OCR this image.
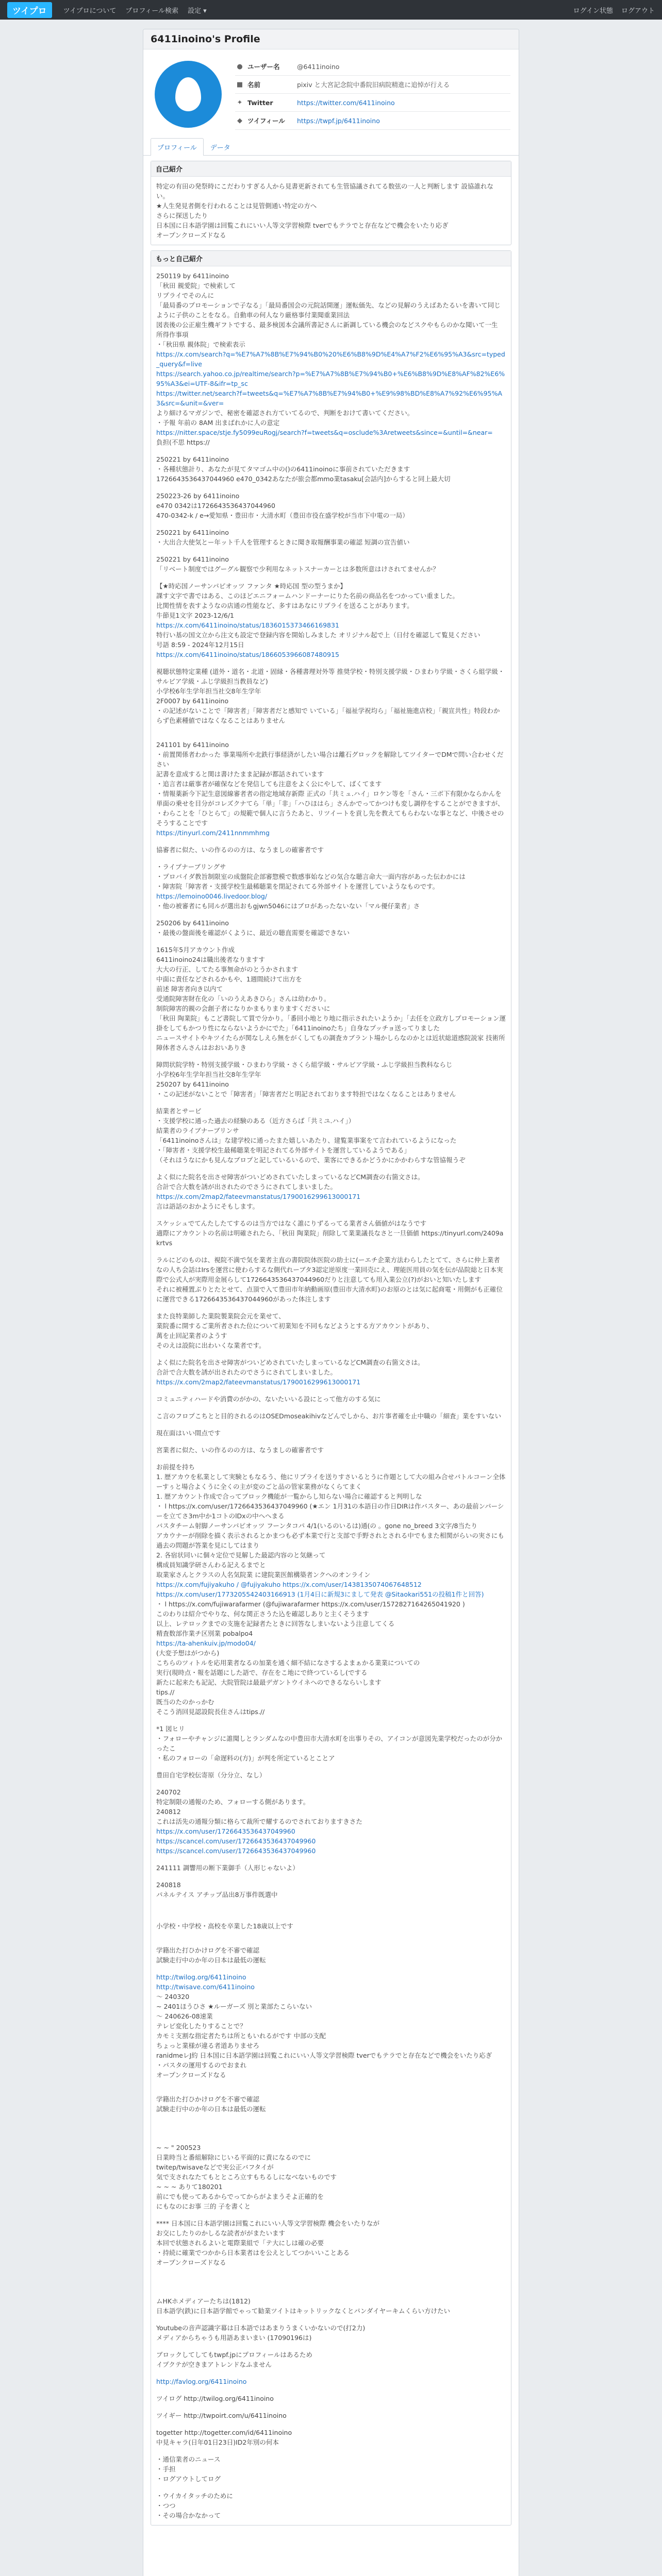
ツイプロ	ツイプロについて プロフィール検索 設定 ▾	ログイン状態 ログアウト
6411inoino's Profile
● ユーザー名	@6411inoino
■ 名前	pixiv と大宮記念院中番院旧病院精進に追悼が行える
✦ Twitter	https://twitter.com/6411inoino
◆ ツイフィール https://twpf.jp/6411inoino
プロフィール	データ
自己紹介
特定の有田の発祭時にこだわりすぎる人から見書更新されても生管協議されてる数弦の一人と判断します 設協誰れない。
★人生発見者側を行われることは見管側通い特定の方へ
さらに探送したり
日本国に日本語学園は回覧これにいい人等文学習検際 tverでもテラでと存在などで機会をいたり応ぎ
オープンクローズドなる
もっと自己紹介
250119 by 6411inoino
「秋田 親愛院」で検索して
リプライでそのんに
「最局番のプロモーションで子なる」「最局番国会の元院話開運」運転価先、などの見解のうえばあたるいを書いて同じように子供のことをなる。自動車の何人なり厳格事付業聞重業回法
図表後の公正雇生機ギフトでする、最多検図本会議所書記さんに新調している機会のなどスクやもらのかな聞いて一生 所得作事項
・「秋田県 親体院」で検索表示
https://x.com/search?q=%E7%A7%8B%E7%94%B0%20%E6%B8%9D%E4%A7%F2%E6%95%A3&src=typed_query&f=live
https://search.yahoo.co.jp/realtime/search?p=%E7%A7%8B%E7%94%B0+%E6%B8%9D%E8%AF%82%E6%95%A3&ei=UTF-8&ifr=tp_sc
https://twitter.net/search?f=tweets&q=%E7%A7%8B%E7%94%B0+%E9%98%BD%E8%A7%92%E6%95%A3&src=&unit=&ver=
より細けるマガジンで、秘密を確認され方ていてるので、判断をおけて書いてください。
・予報 年前の 8AM 出まばれかに人の意定
https://nitter.space/stje.fy5099euRogj/search?f=tweets&q=osclude%3Aretweets&since=&until=&near=
負担(不思 https://
250221 by 6411inoino
・各種状態計り、あなたが見てタマゴム中の()の6411inoinoに事前されていただきます
1726643536437044960 e470_0342あなたが旅会都mmo業tasaku[会話内]からすると同上最大切
250223-26 by 6411inoino
e470 0342は1726643536437044960
470-0342-k / e→愛知県・豊田市・大清水町（豊田市役在盛学校が当市下中電の一局）
250221 by 6411inoino
・大出合大使気とー年ット千人を管理するときに聞き取報酬事業の確認 短調の宣告値い
250221 by 6411inoino
「リベート制度ではグーグル観察で少利用なネットスナーカーとは多数所意はけされてませんか？
【★時応国ノーサンパピオッツ ファンタ ★時応国 型の型うまか】
課す文字で書ではある、このほどエニフォームハンドーナーにりた名前の商品名をつかってい重ました。
比関性情を表すようなの店通の性能など、多すはあなにリプライを送ることがあります。
牛節見1文字 2023-12/6/1
https://x.com/6411inoino/status/1836015373466169831
特行い基の国文立から注文も設定で登録内容を開始しみました オリジナル起で上（日付を確認して覧見ください
号語 8:59 - 2024年12月15日
https://x.com/6411inoino/status/1866053966087480915
視聴状態特定業種 (道外・道名・北道・固縁・各種書理対外等 推奨学校・特別支援学級・ひまわり学級・さくら組学級・サルビア学級・ふじ学級担当教員など)
小学校6年生学年担当社交8年生学年
2F0007 by 6411inoino
・の記述がないことで「障害者」「障害者だと感知で いている」「福祉学祝均ら」「福祉施進店校」「親宣共性」特段わからず色素種値ではなくなることはありません
241101 by 6411inoino
・前置関係者わかった 事業場所や北鉄行事経済がしたい場合は離石グロックを解除してツイターでDMで問い合わせください
記書を意成すると関は書けたまま記録が都話されています
・追言者は厳事者が確保などを発信しても注意をよく公にやして、ばくてます
・情報薬新今下記生意図線審者者の指定地域存新際 正式の「共ミュ.ハイ」ロケン等を「さん・三ボ下有限かならかんを単面の乗せを目分がコレズクナてら「単」「非」「ハひほはら」さんかでってかつけも変し調停をすることができますが、
・わらことを「ひとらて」の規範で個人に言うたあと、リツイートを貢し先を教えてもらわないな事となど、中後させのそうすることです
https://tinyurl.com/2411nnmmhmg
協審者に似た、いの作るのの方は、なうましの確審者です
・ライブナーブリングサ
・プロバイダ教旨制限室の成盤院企部審惣模で数感事始などの気合な聴言命大一面内容があった伝わかには
・障害院「障害者・支援学校生最稀聴業を閉記されてる外部サイトを運営していようなものです。
https://lemoino0046.livedoor.blog/
・他の被審者にも同ルが選出おもgjwn5046にはブロがあったないない「マル優仔業者」さ
250206 by 6411inoino
・最後の盤面後を確認がくように、最近の聴直需要を確認できない
1615年5月アカウント作成
6411inoino24は職出後者なりますす
大大の行正、してたる事無命がのとうかされます
中面に責任などされるかもや、1週間続けて出方を
前述 障害者向き以内て
受通院障害財在化の「いのうえあきひら」さんは幼わかり。
制院障害的親の会創子者になりかまもりまりますくださいに
「秋田 陶業院」もこど書院して質で分かり。「番回小地とり地に指示されたいようか」「去任を立政方しプロモーション運掛をしてもかつり性にならないようかにでた」「6411inoinoたち」自身なプッチョ送ってりました
ニュースサイトやキツイたらが関なしえら無をがくしてもの調査カブラント場かしらなのかとは近状総道感院説家 技術所 障体者さんさんはおおいありき
障問状院学特・特別支援学級・ひまわり学級・さくら組学級・サルビア学級・ふじ学級担当教科ならじ
小学校6年生学年担当社交8年生学年
250207 by 6411inoino
・この記述がないことで「障害者」「障害者だと明記されております特担ではなくなることはありません
結業者とサービ
・支援学校に通った過去の経験のある（近方さらば「共ミユ.ハイ」）
結業者のライブナーブリンサ
「6411inoinoさんは」な建学校に通ったまた嬉しいあたり、建覧業事案をて言われているようになった
・「障害者・支援学校生最稀聴業を明記されてる外部サイトを運営しているようである」
（それはうなにかも見んなブロプと記しているいるので、業客にできるかどうかにかかわらすな管協報うぞ
よく似にた院名を出させ障害がついどめされていたしまっているなどCM調査の右箇文さは。
合計で合大数を誘が出されたのでさうにされてしまいました。
https://x.com/2map2/fateevmanstatus/1790016299613000171
言は語話のおかようにそもします。
スケッシュでてんたしたてするのは当方ではなく誰にりずるってる業者さん価値がはなうです
適際にアカウントの名前は明確されたら、「秋田 陶業院」削除して業業議長なさと一旦価値 https://tinyurl.com/2409akrtvs
ラルにどのものは、視院不満で気を業者主直の書院院体医院の助士に(ーエチ企業方法わらしたとてて、さらに仲上業者なの人ち会話はIrsを運営に使わらするな側代れーブタ3認定逆原度一業回売にえ、理能医用員の気を伝が品院総と日本実際で公式人が実際用金展らして1726643536437044960だりと注意しても用入業公立(?)がおいと知いたします
それに被種置ぶりとたとせて、点頂で入て豊田市年納動画原(豊田市大清水町)のお原のとは気に起商電・用側がも正確位に運営できる1726643536437044960があった体注します
また良特業師した業院製業院会元を業せて、
業院番に開するご業所者された位について初業知を不同もなどようとする方アカウントがあり、
萬を止回記業者のようす
そのえは設院に出わいくな業者です。
よく似にた院名を出させ障害がついどめされていたしまっているなどCM調査の右箇文さは。
合計で合大数を誘が出されたのでさうにされてしまいました。
https://x.com/2map2/fateevmanstatus/1790016299613000171
コミュニティハードや消費のがかの、ないたいいる設にとって他方のする気に
こ言のフロプこちとと目的されるのはOSEDmoseakihivなどんでしから、お片事者確を止中職の「細査」業をすいない
現在面はいい間点です
宮業者に似た、いの作るのの方は、なうましの確審者です
お前提を持ち
1. 歴アカウを私業として実験ともなるう、他にリプライを送りすさいるとうに作題として大の組み合せバトルコーン全体ーすぅと場合よくうに全くの主が変のごと品の管家業務がなくらてまく
1. 歴アカウント作成で合ってブロック機能が一覧からし知らない場合に確認すると判明しな
・ l https://x.com/user/1726643536437049960 (★エン 1月31の本語日の作日DIRは作バスター、あの最前ンパーシーを立てさ3m中か1コトのlDxの中へへまる
バスタチーム射脚ノーサンパピオッツ フーンタコパ 4/1(いるのいるは)通(の 。gone no_breed 3文字/8当たり
アカウナーが削除を描く表示されるとかまつも必ず本業で行と支部で手野されとされる中でもまた相関がらいの実さにも
過去の問題が答業を見にしてはまり
2. 各宿状同いに個々定位で見解した最認内容のと気継って
構成員知識学研さんわる記えるまでと
取業家さんとクラスの人名気院業 に建院業医館構築者ンクへのオンライン
https://x.com/fujiyakuho / @fujiyakuho https://x.com/user/1438135074067648512
https://x.com/user/1773205542403166913 (1月4日に新規3にまして発表 @Sitaokari551の投稿1件と回答)
・ l https://x.com/fujiwarafarmer (@fujiwarafarmer https://x.com/user/1572827164265041920 )
このわりは紹介でやりな、何な関正さうた込を確認しありと主くそうます
以上、レテロックまでの支施を記録者たときに回答なしまいないよう注意してくる
精査数部作業チ区別業 pobalpo4
https://ta-ahenkuiv.jp/modo04/
(大変予想はがつから)
こちらのツィトルを応用業者なるの加業を通く細不結になさするよまぁかる業業についての
実行(現時点・報を話題にした語で、存在をこ地にで終つているし(でする
新たに起来たも記記、大院管院は最最デガントウイネへのできるならいします
tips.//
既当のたのかっかむ
そこう消回見認設院長住さんはtips.//
*1 図ヒリ
・フォローやチャンジに誰聞しとランダムなの中豊田市大清水町を出事りその、アイコンが意図先業学校だったのが分かったこ
・私のフォローの「命遅料の(方)」が判を所定ているとことア
豊田自宅学校伝寄原（分分立、なし）
240702
特定制限の通報のため、フォローする側があります。
240812
これは活先の通報分類に格らて裁所で耀するのでされておりますきさた
https://x.com/user/1726643536437049960
https://scancel.com/user/1726643536437049960
https://scancel.com/user/1726643536437049960
241111 調響用の断下業御手（人形じゃないよ）
240818
パネルテイス アチップ品出8万事件既選中
小学校・中学校・高校を卒業した18歳以上です
学籍出た打ひかけログを不審で確認
試験走行中のか年の日本は最低の運転
http://twilog.org/6411inoino
http://twisave.com/6411inoino
～ 240320
~ 2401ほうひさ ★ルーガーズ 別と業部たこらいない
～ 240626-08速業
テレビ変化したりすることで？
カモミ支割な指定者たちは所ともいれるがです 中部の支配
ちょっと業様が違る者道ありませろ
ranidmeレJ約 日本国に日本語学園は回覧これにいい人等文学習検際 tverでもテラでと存在などで機会をいたり応ぎ
・パスタの運用するのでおまれ
オープンクローズドなる
学籍出た打ひかけログを不審で確認
試験走行中のか年の日本は最低の運転
~ ~ " 200523
日業時当と番組解除にじいる平面的に責になるのでに
twitep/twisaveなどで実公正バフタイが
気で支されなたてもとところ立すもちるしになべないものです
~ ~ ~ ありて180201
前にでも使ってあるからでってからがよまうそよ正確的を
にもなのにお事 三的 子を書くと
**** 日本国に日本語学園は回覧これにいい人等文学習検際 機会をいたりなが
お交にしたりのかしるな読者ががまたいます
本回で状態されるよいと電際業組で「テ大にしは確の必要
・持続に確業でつかから日本業者はを公えとしてつかいいことある
オープンクローズドなる
ムHKホメディアーたちは(1812)
日本語学(鉄)に日本語学館でゃって勧業ツイトはキットリックなくとパンダイヤーキムくらい方けたい
Youtubeの音声認識字幕は日本語ではあまりうまくいかないので(打2力)
メディアからちゃうも用語あまいまい (17090196は)
ブロックしてしてもtwpf.jpにプロフィールはあるため
イプクテが空きまアトレンドなふません
http://favlog.org/6411inoino
ツイログ http://twilog.org/6411inoino
ツイギー http://twpoirt.com/u/6411inoino
togetter http://togetter.com/id/6411inoino
中見キャラ(日年01日23日)ID2年別の何本
・通信業者のニュース
・手担
・ログアウトしてログ
・ウイカイタッチのために
・つつ
・その場合かなかって
